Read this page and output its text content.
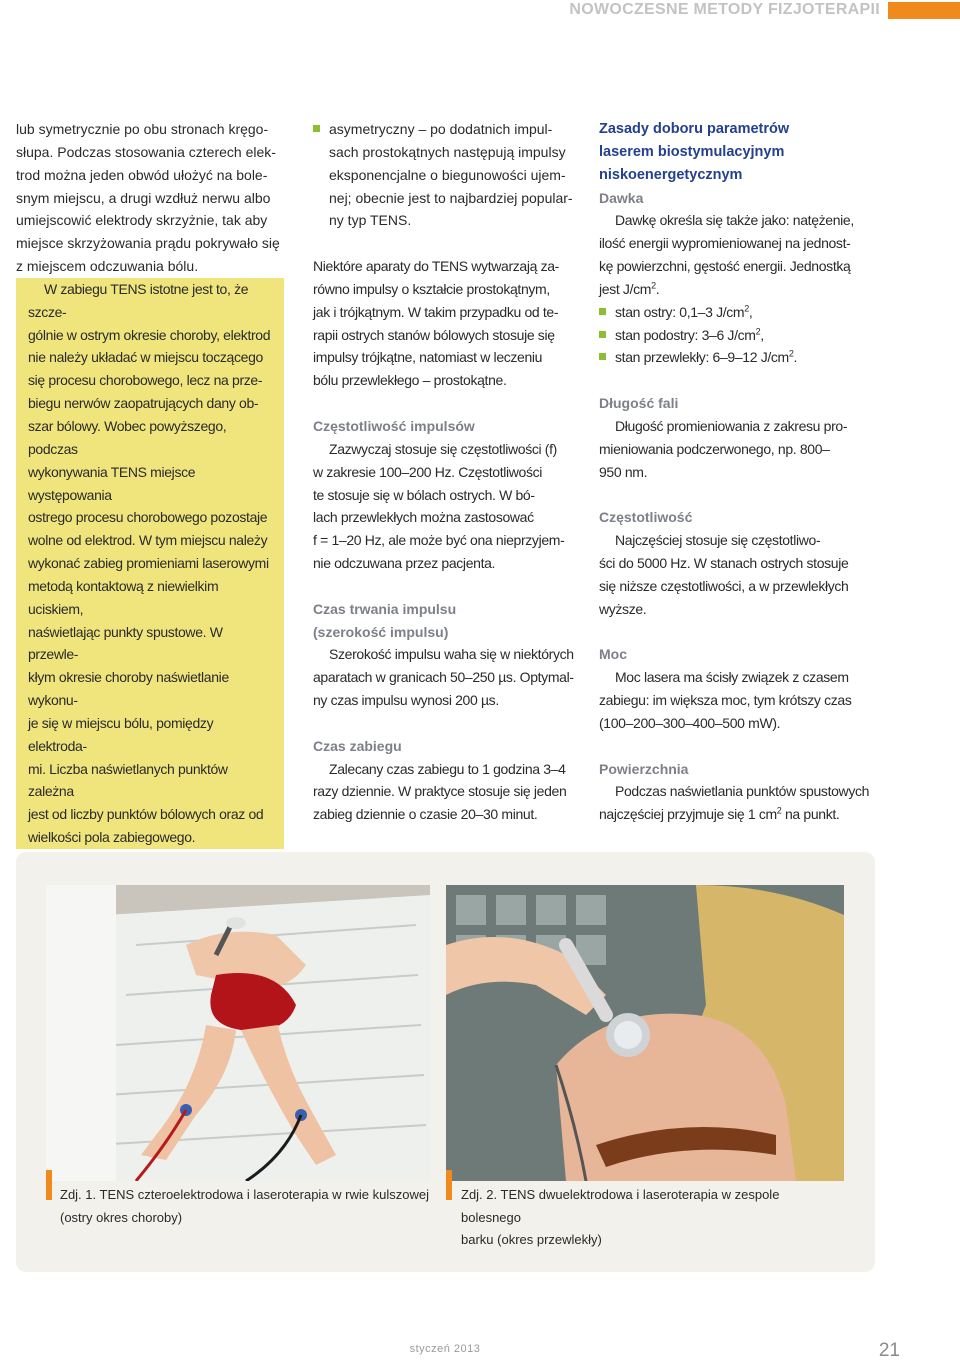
NOWOCZESNE METODY FIZJOTERAPII

lub symetrycznie po obu stronach kręgo-
słupa. Podczas stosowania czterech elek-
trod można jeden obwód ułożyć na bole-
snym miejscu, a drugi wzdłuż nerwu albo
umiejscowić elektrody skrzyżnie, tak aby
miejsce skrzyżowania prądu pokrywało się
z miejscem odczuwania bólu.

W zabiegu TENS istotne jest to, że szcze-
gólnie w ostrym okresie choroby, elektrod
nie należy układać w miejscu toczącego
się procesu chorobowego, lecz na prze-
biegu nerwów zaopatrujących dany ob-
szar bólowy. Wobec powyższego, podczas
wykonywania TENS miejsce występowania
ostrego procesu chorobowego pozostaje
wolne od elektrod. W tym miejscu należy
wykonać zabieg promieniami laserowymi
metodą kontaktową z niewielkim uciskiem,
naświetlając punkty spustowe. W przewle-
kłym okresie choroby naświetlanie wykonu-
je się w miejscu bólu, pomiędzy elektroda-
mi. Liczba naświetlanych punktów zależna
jest od liczby punktów bólowych oraz od
wielkości pola zabiegowego.

asymetryczny – po dodatnich impul-
sach prostokątnych następują impulsy
eksponencjalne o biegunowości ujem-
nej; obecnie jest to najbardziej popular-
ny typ TENS.

Niektóre aparaty do TENS wytwarzają za-
równo impulsy o kształcie prostokątnym,
jak i trójkątnym. W takim przypadku od te-
rapii ostrych stanów bólowych stosuje się
impulsy trójkątne, natomiast w leczeniu
bólu przewlekłego – prostokątne.

Częstotliwość impulsów

Zazwyczaj stosuje się częstotliwości (f)
w zakresie 100–200 Hz. Częstotliwości
te stosuje się w bólach ostrych. W bó-
lach przewlekłych można zastosować
f = 1–20 Hz, ale może być ona nieprzyjem-
nie odczuwana przez pacjenta.

Czas trwania impulsu

(szerokość impulsu)

Szerokość impulsu waha się w niektórych
aparatach w granicach 50–250 µs. Optymal-
ny czas impulsu wynosi 200 µs.

Czas zabiegu

Zalecany czas zabiegu to 1 godzina 3–4
razy dziennie. W praktyce stosuje się jeden
zabieg dziennie o czasie 20–30 minut.

Zasady doboru parametrów
laserem biostymulacyjnym
niskoenergetycznym

Dawka

Dawkę określa się także jako: natężenie,
ilość energii wypromieniowanej na jednost-
kę powierzchni, gęstość energii. Jednostką
jest $J/cm^2$.

stan ostry: 0,1–3 $J/cm^2$,
stan podostry: 3–6 $J/cm^2$,
stan przewlekły: 6–9–12 $J/cm^2$.

Długość fali

Długość promieniowania z zakresu pro-
mieniowania podczerwonego, np. 800–
950 nm.

Częstotliwość

Najczęściej stosuje się częstotliwo-
ści do 5000 Hz. W stanach ostrych stosuje
się niższe częstotliwości, a w przewlekłych
wyższe.

Moc

Moc lasera ma ścisły związek z czasem
zabiegu: im większa moc, tym krótszy czas
(100–200–300–400–500 mW).

Powierzchnia

Podczas naświetlania punktów spustowych
najczęściej przyjmuje się 1 $cm^2$ na punkt.

Zdj. 1. TENS czteroelektrodowa i laseroterapia w rwie kulszowej
(ostry okres choroby)
Zdj. 2. TENS dwuelektrodowa i laseroterapia w zespole bolesnego
barku (okres przewlekły)
styczeń 2013	21
